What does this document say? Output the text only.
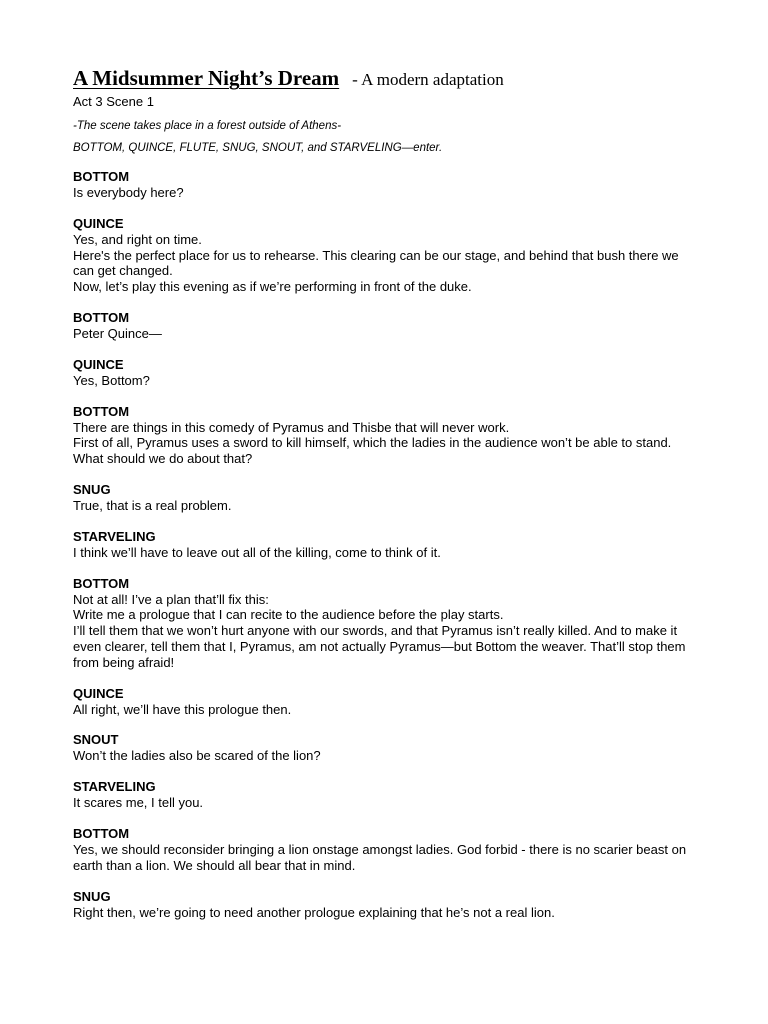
A Midsummer Night’s Dream - A modern adaptation
Act 3 Scene 1
-The scene takes place in a forest outside of Athens-
BOTTOM, QUINCE, FLUTE, SNUG, SNOUT, and STARVELING—enter.
BOTTOM

Is everybody here?

QUINCE

Yes, and right on time.

Here's the perfect place for us to rehearse. This clearing can be our stage, and behind that bush there we can get changed.

Now, let’s play this evening as if we’re performing in front of the duke.

BOTTOM

Peter Quince—

QUINCE

Yes, Bottom?

BOTTOM

There are things in this comedy of Pyramus and Thisbe that will never work.

First of all, Pyramus uses a sword to kill himself, which the ladies in the audience won’t be able to stand. What should we do about that?

SNUG

True, that is a real problem.

STARVELING

I think we’ll have to leave out all of the killing, come to think of it.

BOTTOM

Not at all! I’ve a plan that’ll fix this:

Write me a prologue that I can recite to the audience before the play starts.

I’ll tell them that we won’t hurt anyone with our swords, and that Pyramus isn’t really killed. And to make it even clearer, tell them that I, Pyramus, am not actually Pyramus—but Bottom the weaver. That’ll stop them from being afraid!

QUINCE

All right, we’ll have this prologue then.

SNOUT

Won’t the ladies also be scared of the lion?

STARVELING

It scares me, I tell you.

BOTTOM

Yes, we should reconsider bringing a lion onstage amongst ladies. God forbid - there is no scarier beast on earth than a lion. We should all bear that in mind.

SNUG

Right then, we’re going to need another prologue explaining that he’s not a real lion.
